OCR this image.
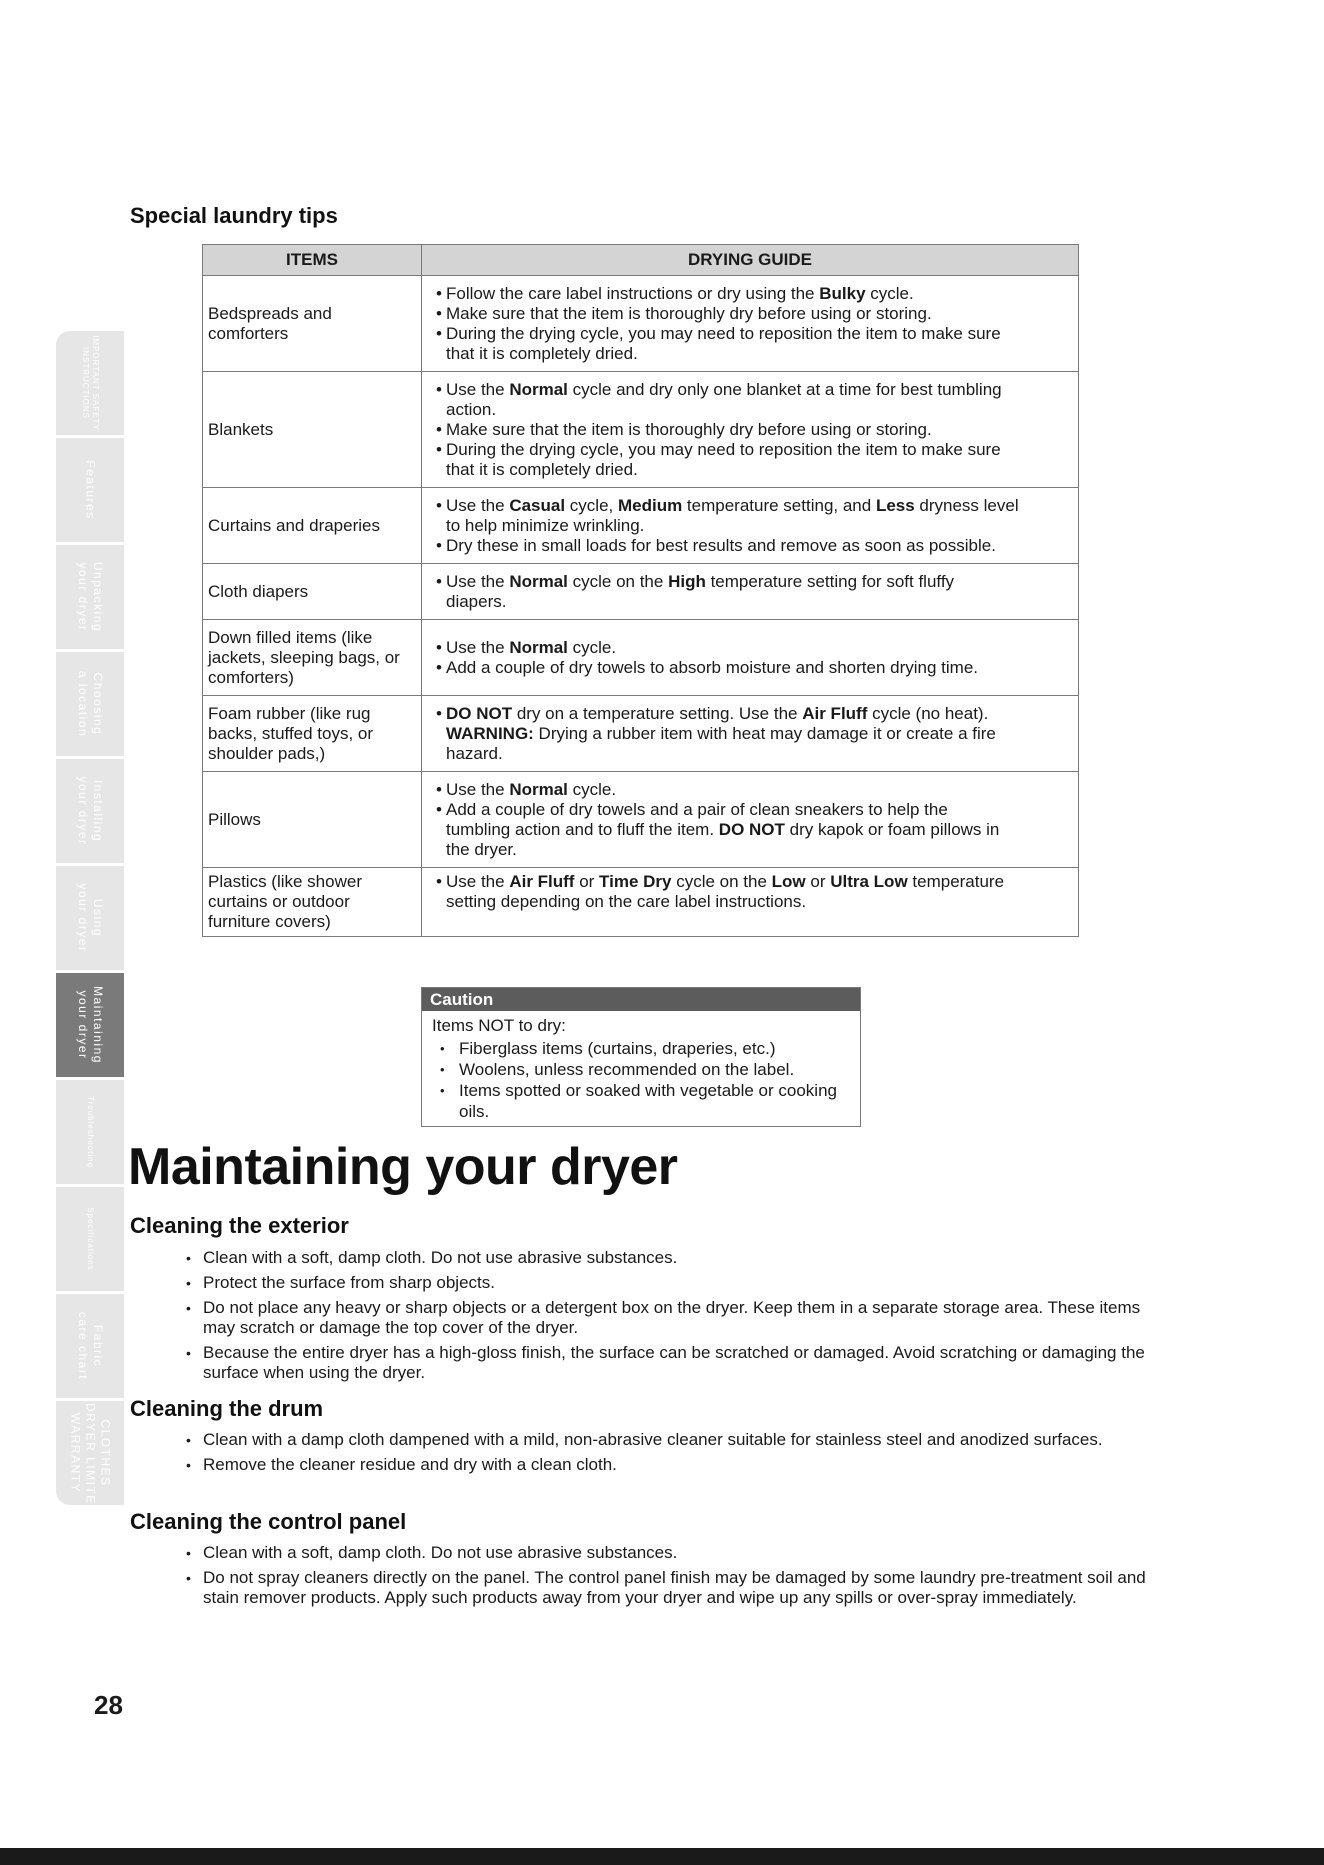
IMPORTANT SAFETY
INSTRUCTIONS
Features
Unpacking
your dryer
Choosing
a location
Installing
your dryer
Using
your dryer
Maintaining
your dryer
Troubleshooting
Specifications
Fabric
care chart
CLOTHES
DRYER LIMITED
WARRANTY
Special laundry tips
ITEMS	DRYING GUIDE
Bedspreads and comforters	• Follow the care label instructions or dry using the Bulky cycle.
• Make sure that the item is thoroughly dry before using or storing.
• During the drying cycle, you may need to reposition the item to make sure
that it is completely dried.

Blankets	• Use the Normal cycle and dry only one blanket at a time for best tumbling
action.
• Make sure that the item is thoroughly dry before using or storing.
• During the drying cycle, you may need to reposition the item to make sure
that it is completely dried.

Curtains and draperies	• Use the Casual cycle, Medium temperature setting, and Less dryness level
to help minimize wrinkling.
• Dry these in small loads for best results and remove as soon as possible.

Cloth diapers	• Use the Normal cycle on the High temperature setting for soft fluffy
diapers.

Down filled items (like jackets, sleeping bags, or comforters)	• Use the Normal cycle.
• Add a couple of dry towels to absorb moisture and shorten drying time.

Foam rubber (like rug backs, stuffed toys, or shoulder pads,)	• DO NOT dry on a temperature setting. Use the Air Fluff cycle (no heat).
WARNING: Drying a rubber item with heat may damage it or create a fire
hazard.

Pillows	• Use the Normal cycle.
• Add a couple of dry towels and a pair of clean sneakers to help the
tumbling action and to fluff the item. DO NOT dry kapok or foam pillows in
the dryer.

Plastics (like shower curtains or outdoor furniture covers)	• Use the Air Fluff or Time Dry cycle on the Low or Ultra Low temperature
setting depending on the care label instructions.
Caution
Items NOT to dry:
• Fiberglass items (curtains, draperies, etc.)
• Woolens, unless recommended on the label.
• Items spotted or soaked with vegetable or cooking oils.
Maintaining your dryer
Cleaning the exterior
• Clean with a soft, damp cloth. Do not use abrasive substances.
• Protect the surface from sharp objects.
• Do not place any heavy or sharp objects or a detergent box on the dryer. Keep them in a separate storage area. These items may scratch or damage the top cover of the dryer.
• Because the entire dryer has a high-gloss finish, the surface can be scratched or damaged. Avoid scratching or damaging the surface when using the dryer.
Cleaning the drum
• Clean with a damp cloth dampened with a mild, non-abrasive cleaner suitable for stainless steel and anodized surfaces.
• Remove the cleaner residue and dry with a clean cloth.
Cleaning the control panel
• Clean with a soft, damp cloth. Do not use abrasive substances.
• Do not spray cleaners directly on the panel. The control panel finish may be damaged by some laundry pre-treatment soil and stain remover products. Apply such products away from your dryer and wipe up any spills or over-spray immediately.

28
